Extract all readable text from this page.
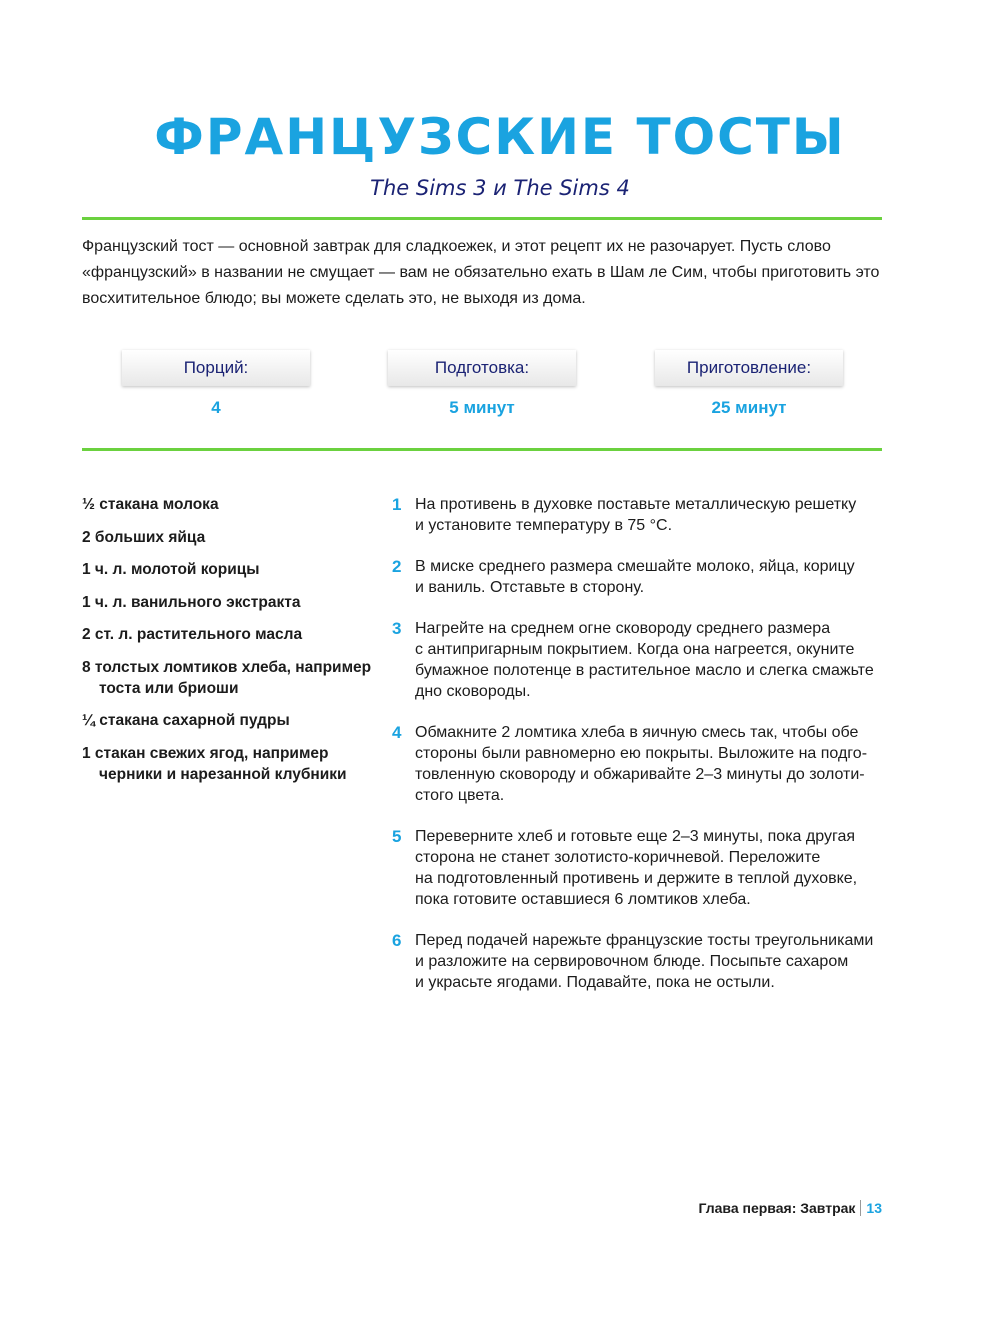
ФРАНЦУЗСКИЕ ТОСТЫ
The Sims 3 и The Sims 4

Французский тост — основной завтрак для сладкоежек, и этот рецепт их не разочарует. Пусть слово «французский» в названии не смущает — вам не обязательно ехать в Шам ле Сим, чтобы приготовить это восхитительное блюдо; вы можете сделать это, не выходя из дома.

Порций:
4
Подготовка:
5 минут
Приготовление:
25 минут
½ стакана молока
2 больших яйца
1 ч. л. молотой корицы
1 ч. л. ванильного экстракта
2 ст. л. растительного масла
8 толстых ломтиков хлеба, например тоста или бриоши
¼ стакана сахарной пудры
1 стакан свежих ягод, например черники и нарезанной клубники
1 На противень в духовке поставьте металлическую решетку
и установите температуру в 75 °C.
2 В миске среднего размера смешайте молоко, яйца, корицу
и ваниль. Отставьте в сторону.
3 Нагрейте на среднем огне сковороду среднего размера
с антипригарным покрытием. Когда она нагреется, окуните
бумажное полотенце в растительное масло и слегка смажьте
дно сковороды.
4 Обмакните 2 ломтика хлеба в яичную смесь так, чтобы обе
стороны были равномерно ею покрыты. Выложите на подго-
товленную сковороду и обжаривайте 2–3 минуты до золоти-
стого цвета.
5 Переверните хлеб и готовьте еще 2–3 минуты, пока другая
сторона не станет золотисто-коричневой. Переложите
на подготовленный противень и держите в теплой духовке,
пока готовите оставшиеся 6 ломтиков хлеба.
6 Перед подачей нарежьте французские тосты треугольниками
и разложите на сервировочном блюде. Посыпьте сахаром
и украсьте ягодами. Подавайте, пока не остыли.
Глава первая: Завтрак 13
